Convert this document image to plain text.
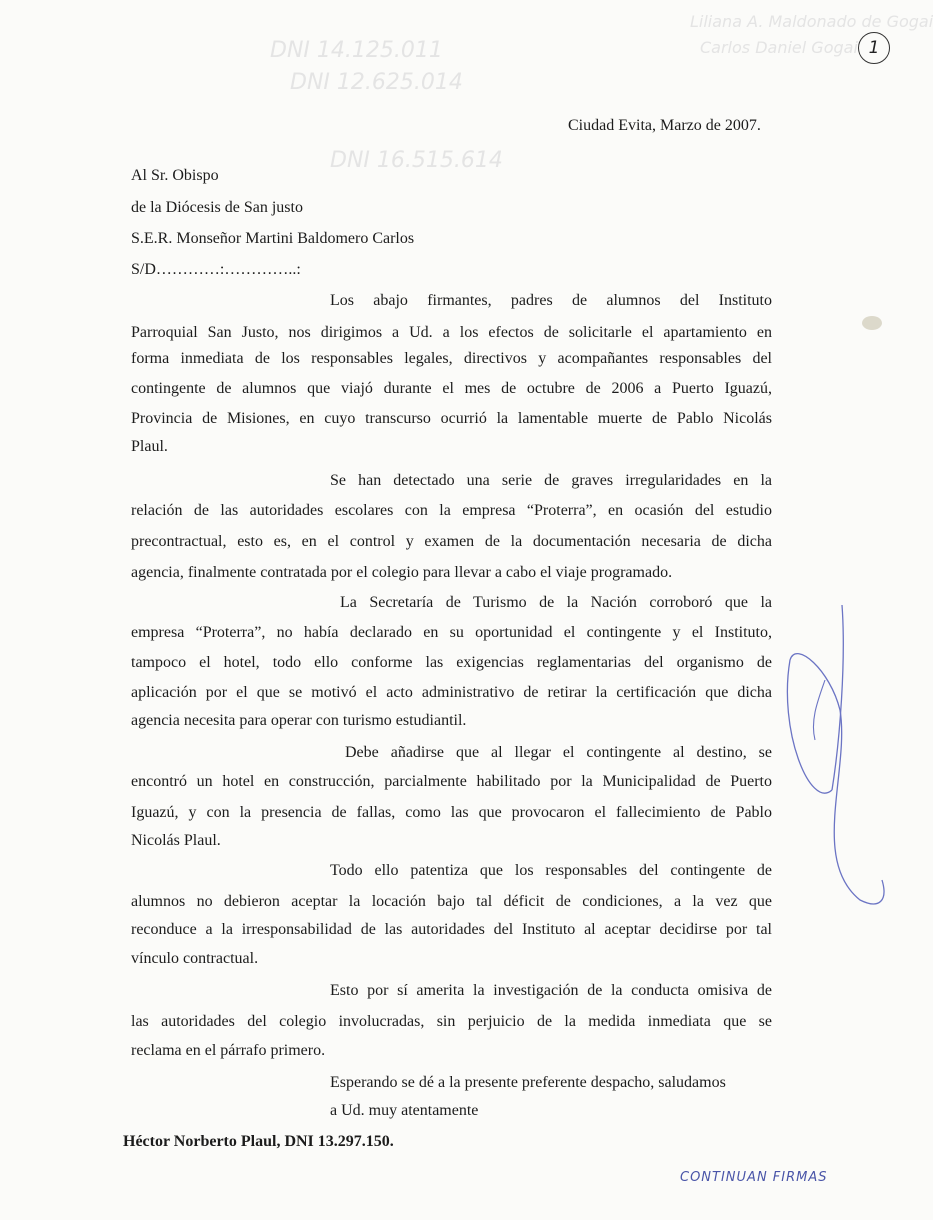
Liliana A. Maldonado de Gogai
DNI 14.125.011	Carlos Daniel Gogai
DNI 12.625.014
DNI 16.515.614
1
Ciudad Evita, Marzo de 2007.
Al Sr. Obispo
de la Diócesis de San justo
S.E.R. Monseñor Martini Baldomero Carlos
S/D…………:…………..:
Los abajo firmantes, padres de alumnos del Instituto
Parroquial San Justo, nos dirigimos a Ud. a los efectos de solicitarle el apartamiento en
forma inmediata de los responsables legales, directivos y acompañantes responsables del
contingente de alumnos que viajó durante el mes de octubre de 2006 a Puerto Iguazú,
Provincia de Misiones, en cuyo transcurso ocurrió la lamentable muerte de Pablo Nicolás
Plaul.
Se han detectado una serie de graves irregularidades en la
relación de las autoridades escolares con la empresa “Proterra”, en ocasión del estudio
precontractual, esto es, en el control y examen de la documentación necesaria de dicha
agencia, finalmente contratada por el colegio para llevar a cabo el viaje programado.
La Secretaría de Turismo de la Nación corroboró que la
empresa “Proterra”, no había declarado en su oportunidad el contingente y el Instituto,
tampoco el hotel, todo ello conforme las exigencias reglamentarias del organismo de
aplicación por el que se motivó el acto administrativo de retirar la certificación que dicha
agencia necesita para operar con turismo estudiantil.
Debe añadirse que al llegar el contingente al destino, se
encontró un hotel en construcción, parcialmente habilitado por la Municipalidad de Puerto
Iguazú, y con la presencia de fallas, como las que provocaron el fallecimiento de Pablo
Nicolás Plaul.
Todo ello patentiza que los responsables del contingente de
alumnos no debieron aceptar la locación bajo tal déficit de condiciones, a la vez que
reconduce a la irresponsabilidad de las autoridades del Instituto al aceptar decidirse por tal
vínculo contractual.
Esto por sí amerita la investigación de la conducta omisiva de
las autoridades del colegio involucradas, sin perjuicio de la medida inmediata que se
reclama en el párrafo primero.
Esperando se dé a la presente preferente despacho, saludamos
a Ud. muy atentamente
Héctor Norberto Plaul, DNI 13.297.150.
CONTINUAN FIRMAS
